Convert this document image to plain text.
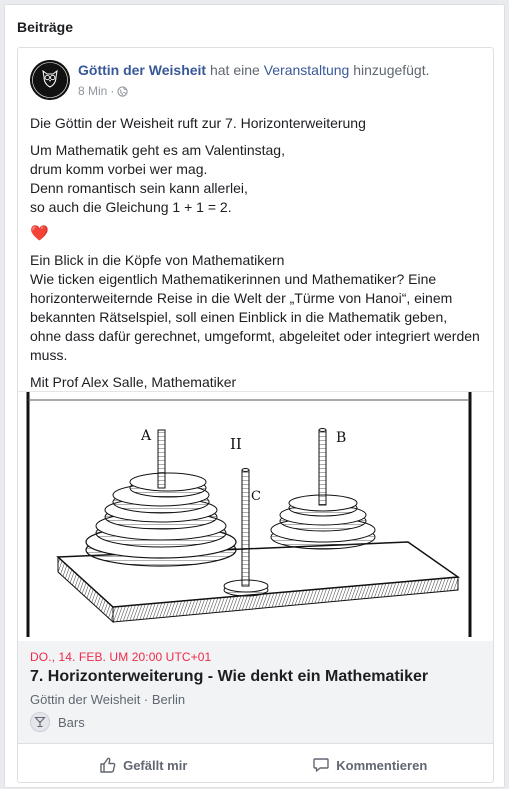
Beiträge
Göttin der Weisheit hat eine Veranstaltung hinzugefügt.
8 Min ·

Die Göttin der Weisheit ruft zur 7. Horizonterweiterung

Um Mathematik geht es am Valentinstag,
drum komm vorbei wer mag.
Denn romantisch sein kann allerlei,
so auch die Gleichung 1 + 1 = 2.

❤️

Ein Blick in die Köpfe von Mathematikern
Wie ticken eigentlich Mathematikerinnen und Mathematiker? Eine horizonterweiternde Reise in die Welt der „Türme von Hanoi“, einem bekannten Rätselspiel, soll einen Einblick in die Mathematik geben, ohne dass dafür gerechnet, umgeformt, abgeleitet oder integriert werden muss.

Mit Prof Alex Salle, Mathematiker

A	B
C
II
DO., 14. FEB. UM 20:00 UTC+01
7. Horizonterweiterung - Wie denkt ein Mathematiker
Göttin der Weisheit · Berlin
Bars
Gefällt mir	Kommentieren
